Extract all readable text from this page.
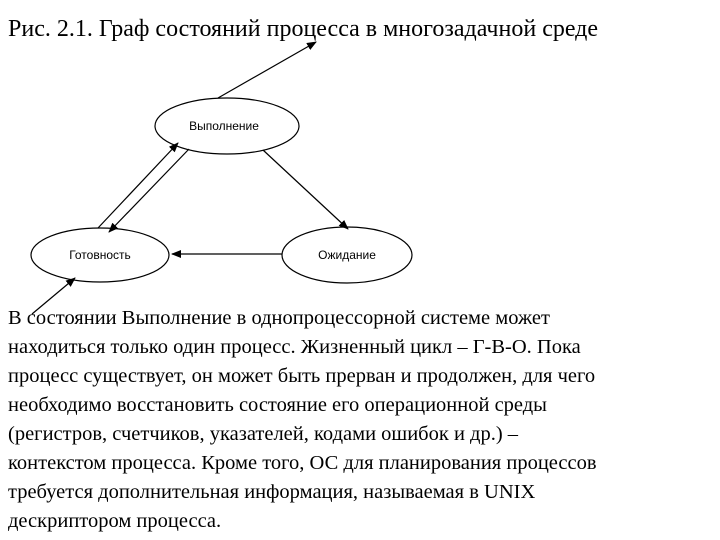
Выполнение
Готовность	Ожидание
Рис. 2.1. Граф состояний процесса в многозадачной среде
В состоянии Выполнение в однопроцессорной системе может
находиться только один процесс. Жизненный цикл – Г-В-О. Пока
процесс существует, он может быть прерван и продолжен, для чего
необходимо восстановить состояние его операционной среды
(регистров, счетчиков, указателей, кодами ошибок и др.) –
контекстом процесса. Кроме того, ОС для планирования процессов
требуется дополнительная информация, называемая в UNIX
дескриптором процесса.
